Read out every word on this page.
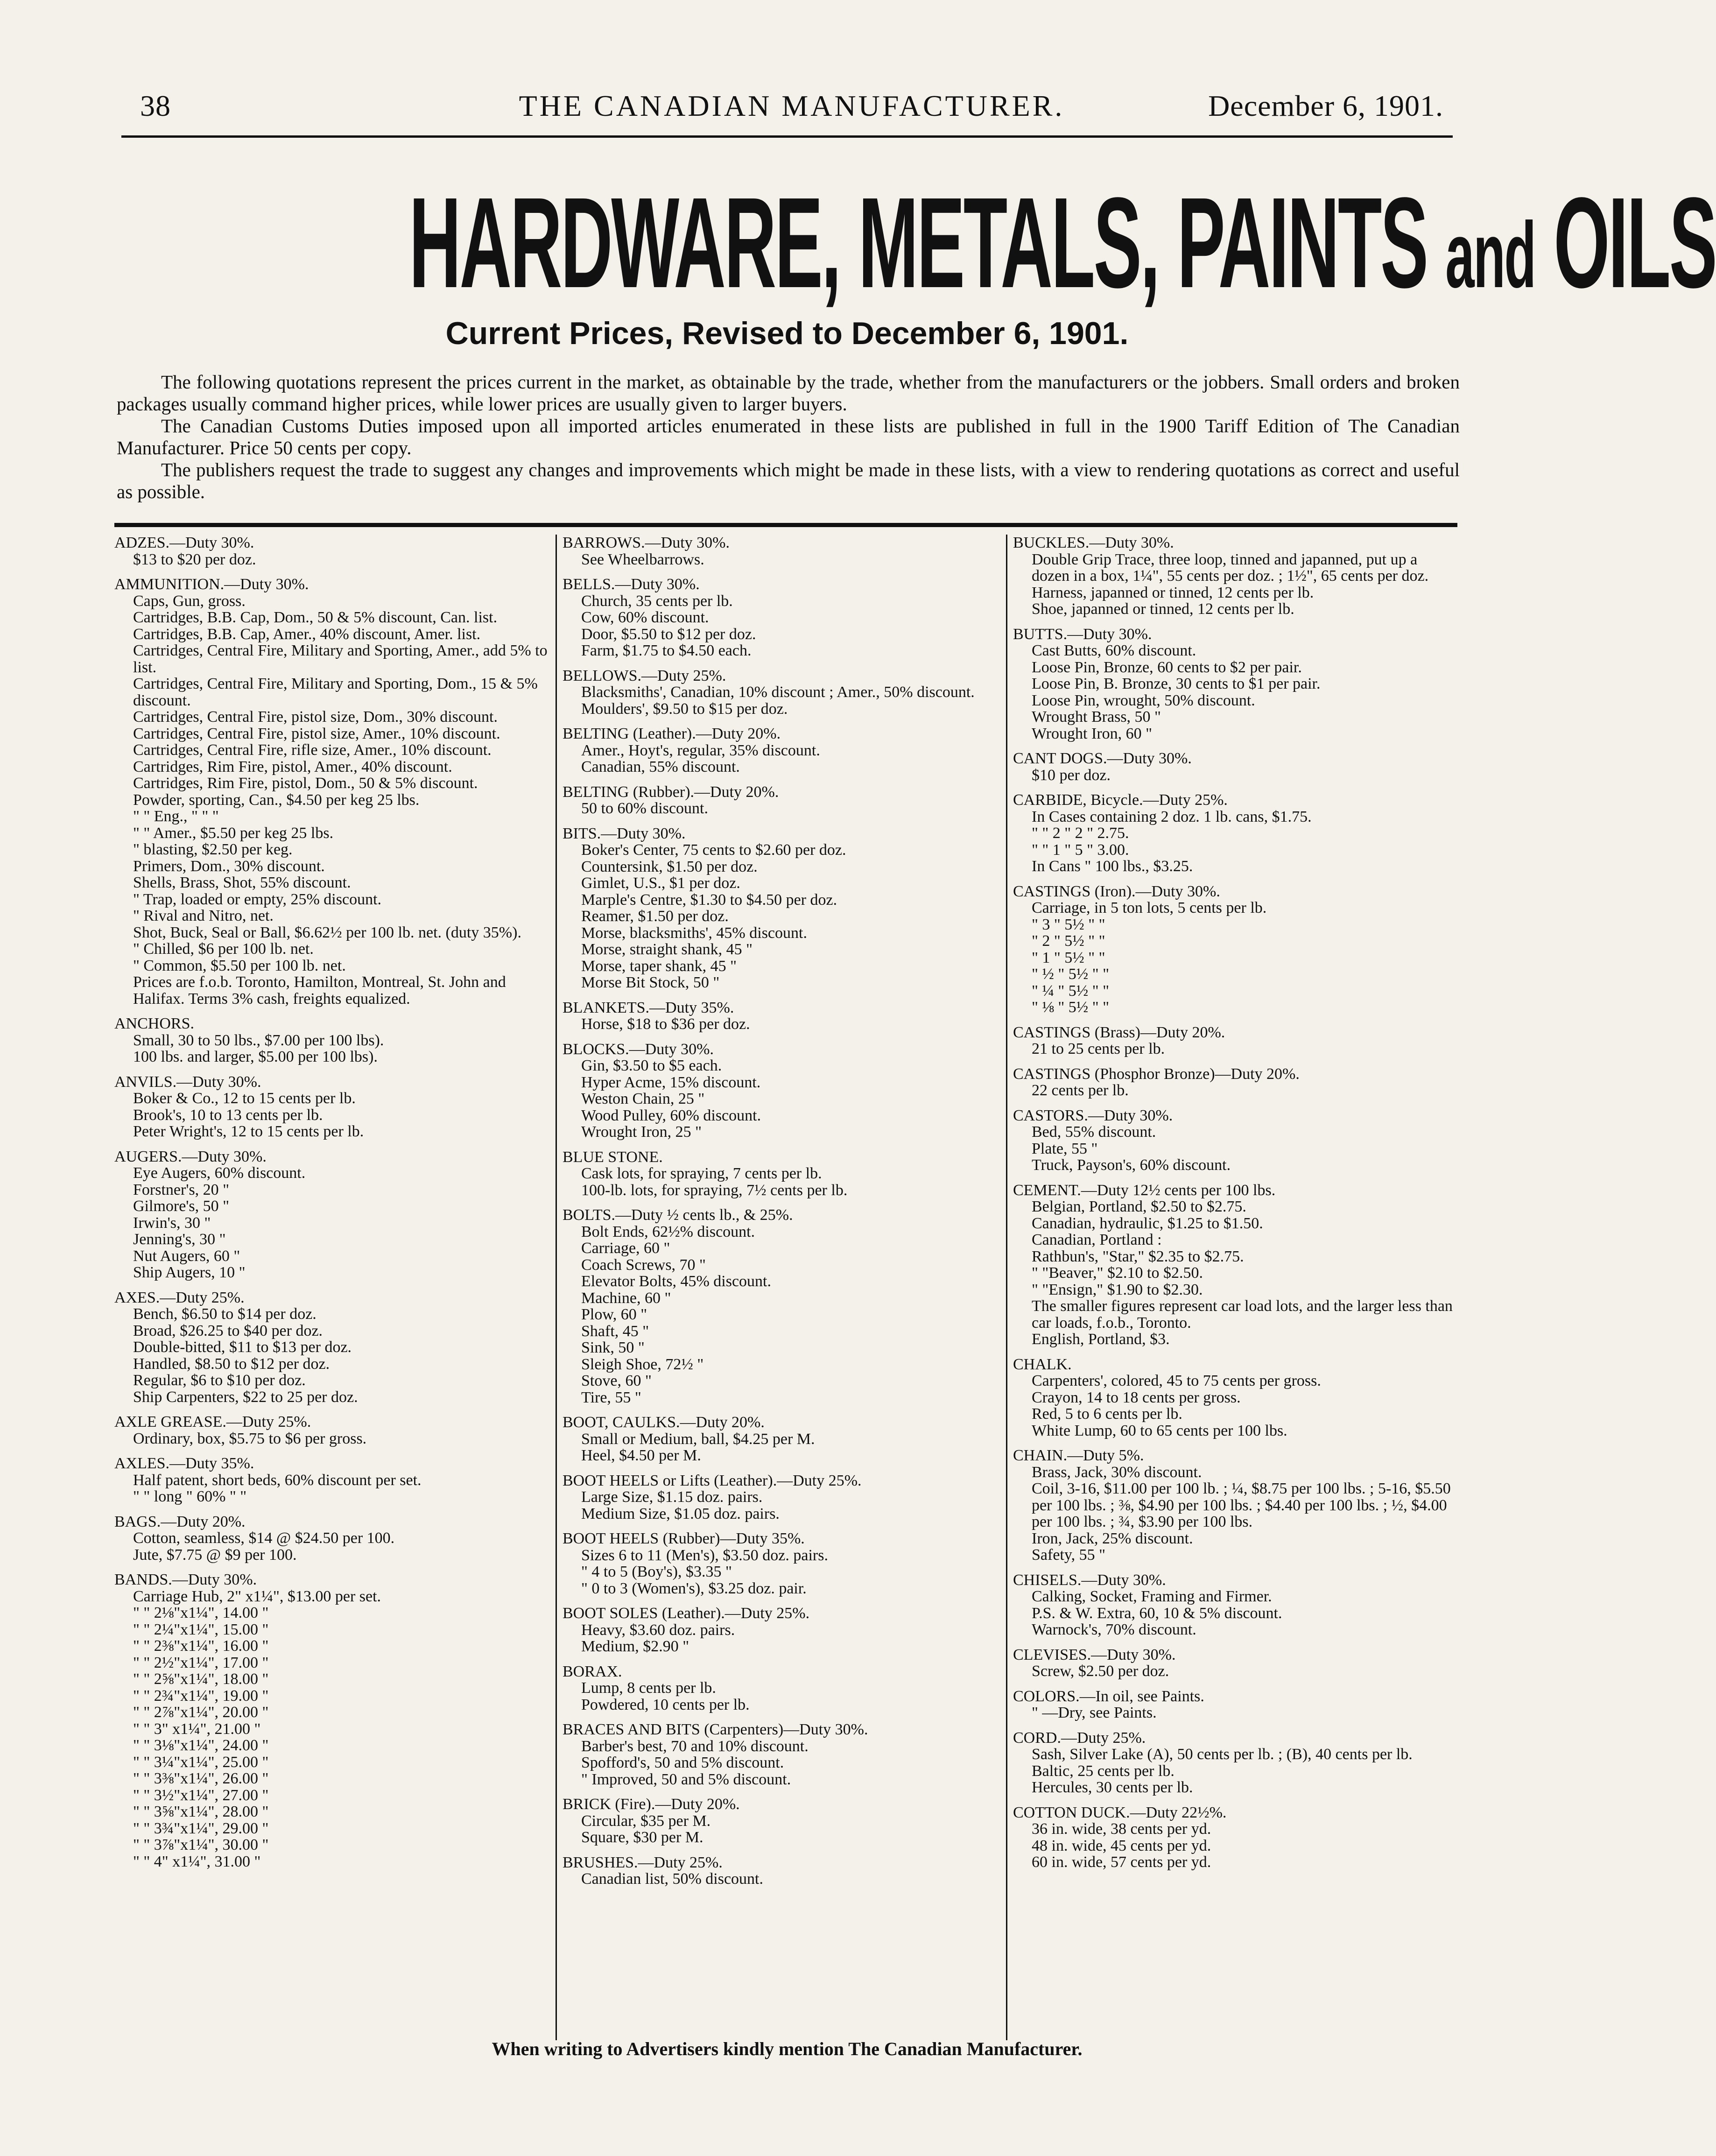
38	THE CANADIAN MANUFACTURER.	December 6, 1901.
HARDWARE, METALS, PAINTS and OILS
Current Prices, Revised to December 6, 1901.

The following quotations represent the prices current in the market, as obtainable by the trade, whether from the manufacturers or the jobbers. Small orders and broken packages usually command higher prices, while lower prices are usually given to larger buyers.

The Canadian Customs Duties imposed upon all imported articles enumerated in these lists are published in full in the 1900 Tariff Edition of The Canadian Manufacturer. Price 50 cents per copy.

The publishers request the trade to suggest any changes and improvements which might be made in these lists, with a view to rendering quotations as correct and useful as possible.

ADZES.—Duty 30%.
$13 to $20 per doz.
AMMUNITION.—Duty 30%.
Caps, Gun, gross.
Cartridges, B.B. Cap, Dom., 50 & 5% discount, Can. list.
Cartridges, B.B. Cap, Amer., 40% discount, Amer. list.
Cartridges, Central Fire, Military and Sporting, Amer., add 5% to list.
Cartridges, Central Fire, Military and Sporting, Dom., 15 & 5% discount.
Cartridges, Central Fire, pistol size, Dom., 30% discount.
Cartridges, Central Fire, pistol size, Amer., 10% discount.
Cartridges, Central Fire, rifle size, Amer., 10% discount.
Cartridges, Rim Fire, pistol, Amer., 40% discount.
Cartridges, Rim Fire, pistol, Dom., 50 & 5% discount.
Powder, sporting, Can., $4.50 per keg 25 lbs.
" " Eng., " " "
" " Amer., $5.50 per keg 25 lbs.
" blasting, $2.50 per keg.
Primers, Dom., 30% discount.
Shells, Brass, Shot, 55% discount.
" Trap, loaded or empty, 25% discount.
" Rival and Nitro, net.
Shot, Buck, Seal or Ball, $6.62½ per 100 lb. net. (duty 35%).
" Chilled, $6 per 100 lb. net.
" Common, $5.50 per 100 lb. net.
Prices are f.o.b. Toronto, Hamilton, Montreal, St. John and Halifax. Terms 3% cash, freights equalized.
ANCHORS.
Small, 30 to 50 lbs., $7.00 per 100 lbs).
100 lbs. and larger, $5.00 per 100 lbs).
ANVILS.—Duty 30%.
Boker & Co., 12 to 15 cents per lb.
Brook's, 10 to 13 cents per lb.
Peter Wright's, 12 to 15 cents per lb.
AUGERS.—Duty 30%.
Eye Augers, 60% discount.
Forstner's, 20 "
Gilmore's, 50 "
Irwin's, 30 "
Jenning's, 30 "
Nut Augers, 60 "
Ship Augers, 10 "
AXES.—Duty 25%.
Bench, $6.50 to $14 per doz.
Broad, $26.25 to $40 per doz.
Double-bitted, $11 to $13 per doz.
Handled, $8.50 to $12 per doz.
Regular, $6 to $10 per doz.
Ship Carpenters, $22 to 25 per doz.
AXLE GREASE.—Duty 25%.
Ordinary, box, $5.75 to $6 per gross.
AXLES.—Duty 35%.
Half patent, short beds, 60% discount per set.
" " long " 60% " "
BAGS.—Duty 20%.
Cotton, seamless, $14 @ $24.50 per 100.
Jute, $7.75 @ $9 per 100.
BANDS.—Duty 30%.
Carriage Hub, 2" x1¼", $13.00 per set.
" " 2⅛"x1¼", 14.00 "
" " 2¼"x1¼", 15.00 "
" " 2⅜"x1¼", 16.00 "
" " 2½"x1¼", 17.00 "
" " 2⅝"x1¼", 18.00 "
" " 2¾"x1¼", 19.00 "
" " 2⅞"x1¼", 20.00 "
" " 3" x1¼", 21.00 "
" " 3⅛"x1¼", 24.00 "
" " 3¼"x1¼", 25.00 "
" " 3⅜"x1¼", 26.00 "
" " 3½"x1¼", 27.00 "
" " 3⅝"x1¼", 28.00 "
" " 3¾"x1¼", 29.00 "
" " 3⅞"x1¼", 30.00 "
" " 4" x1¼", 31.00 "
BARROWS.—Duty 30%.
See Wheelbarrows.
BELLS.—Duty 30%.
Church, 35 cents per lb.
Cow, 60% discount.
Door, $5.50 to $12 per doz.
Farm, $1.75 to $4.50 each.
BELLOWS.—Duty 25%.
Blacksmiths', Canadian, 10% discount ; Amer., 50% discount.
Moulders', $9.50 to $15 per doz.
BELTING (Leather).—Duty 20%.
Amer., Hoyt's, regular, 35% discount.
Canadian, 55% discount.
BELTING (Rubber).—Duty 20%.
50 to 60% discount.
BITS.—Duty 30%.
Boker's Center, 75 cents to $2.60 per doz.
Countersink, $1.50 per doz.
Gimlet, U.S., $1 per doz.
Marple's Centre, $1.30 to $4.50 per doz.
Reamer, $1.50 per doz.
Morse, blacksmiths', 45% discount.
Morse, straight shank, 45 "
Morse, taper shank, 45 "
Morse Bit Stock, 50 "
BLANKETS.—Duty 35%.
Horse, $18 to $36 per doz.
BLOCKS.—Duty 30%.
Gin, $3.50 to $5 each.
Hyper Acme, 15% discount.
Weston Chain, 25 "
Wood Pulley, 60% discount.
Wrought Iron, 25 "
BLUE STONE.
Cask lots, for spraying, 7 cents per lb.
100-lb. lots, for spraying, 7½ cents per lb.
BOLTS.—Duty ½ cents lb., & 25%.
Bolt Ends, 62½% discount.
Carriage, 60 "
Coach Screws, 70 "
Elevator Bolts, 45% discount.
Machine, 60 "
Plow, 60 "
Shaft, 45 "
Sink, 50 "
Sleigh Shoe, 72½ "
Stove, 60 "
Tire, 55 "
BOOT, CAULKS.—Duty 20%.
Small or Medium, ball, $4.25 per M.
Heel, $4.50 per M.
BOOT HEELS or Lifts (Leather).—Duty 25%.
Large Size, $1.15 doz. pairs.
Medium Size, $1.05 doz. pairs.
BOOT HEELS (Rubber)—Duty 35%.
Sizes 6 to 11 (Men's), $3.50 doz. pairs.
" 4 to 5 (Boy's), $3.35 "
" 0 to 3 (Women's), $3.25 doz. pair.
BOOT SOLES (Leather).—Duty 25%.
Heavy, $3.60 doz. pairs.
Medium, $2.90 "
BORAX.
Lump, 8 cents per lb.
Powdered, 10 cents per lb.
BRACES AND BITS (Carpenters)—Duty 30%.
Barber's best, 70 and 10% discount.
Spofford's, 50 and 5% discount.
" Improved, 50 and 5% discount.
BRICK (Fire).—Duty 20%.
Circular, $35 per M.
Square, $30 per M.
BRUSHES.—Duty 25%.
Canadian list, 50% discount.
BUCKLES.—Duty 30%.
Double Grip Trace, three loop, tinned and japanned, put up a dozen in a box, 1¼", 55 cents per doz. ; 1½", 65 cents per doz.
Harness, japanned or tinned, 12 cents per lb.
Shoe, japanned or tinned, 12 cents per lb.
BUTTS.—Duty 30%.
Cast Butts, 60% discount.
Loose Pin, Bronze, 60 cents to $2 per pair.
Loose Pin, B. Bronze, 30 cents to $1 per pair.
Loose Pin, wrought, 50% discount.
Wrought Brass, 50 "
Wrought Iron, 60 "
CANT DOGS.—Duty 30%.
$10 per doz.
CARBIDE, Bicycle.—Duty 25%.
In Cases containing 2 doz. 1 lb. cans, $1.75.
" " 2 " 2 " 2.75.
" " 1 " 5 " 3.00.
In Cans " 100 lbs., $3.25.
CASTINGS (Iron).—Duty 30%.
Carriage, in 5 ton lots, 5 cents per lb.
" 3 " 5½ " "
" 2 " 5½ " "
" 1 " 5½ " "
" ½ " 5½ " "
" ¼ " 5½ " "
" ⅛ " 5½ " "
CASTINGS (Brass)—Duty 20%.
21 to 25 cents per lb.
CASTINGS (Phosphor Bronze)—Duty 20%.
22 cents per lb.
CASTORS.—Duty 30%.
Bed, 55% discount.
Plate, 55 "
Truck, Payson's, 60% discount.
CEMENT.—Duty 12½ cents per 100 lbs.
Belgian, Portland, $2.50 to $2.75.
Canadian, hydraulic, $1.25 to $1.50.
Canadian, Portland :
Rathbun's, "Star," $2.35 to $2.75.
" "Beaver," $2.10 to $2.50.
" "Ensign," $1.90 to $2.30.
The smaller figures represent car load lots, and the larger less than car loads, f.o.b., Toronto.
English, Portland, $3.
CHALK.
Carpenters', colored, 45 to 75 cents per gross.
Crayon, 14 to 18 cents per gross.
Red, 5 to 6 cents per lb.
White Lump, 60 to 65 cents per 100 lbs.
CHAIN.—Duty 5%.
Brass, Jack, 30% discount.
Coil, 3-16, $11.00 per 100 lb. ; ¼, $8.75 per 100 lbs. ; 5-16, $5.50 per 100 lbs. ; ⅜, $4.90 per 100 lbs. ; $4.40 per 100 lbs. ; ½, $4.00 per 100 lbs. ; ¾, $3.90 per 100 lbs.
Iron, Jack, 25% discount.
Safety, 55 "
CHISELS.—Duty 30%.
Calking, Socket, Framing and Firmer.
P.S. & W. Extra, 60, 10 & 5% discount.
Warnock's, 70% discount.
CLEVISES.—Duty 30%.
Screw, $2.50 per doz.
COLORS.—In oil, see Paints.
" —Dry, see Paints.
CORD.—Duty 25%.
Sash, Silver Lake (A), 50 cents per lb. ; (B), 40 cents per lb.
Baltic, 25 cents per lb.
Hercules, 30 cents per lb.
COTTON DUCK.—Duty 22½%.
36 in. wide, 38 cents per yd.
48 in. wide, 45 cents per yd.
60 in. wide, 57 cents per yd.
When writing to Advertisers kindly mention The Canadian Manufacturer.
